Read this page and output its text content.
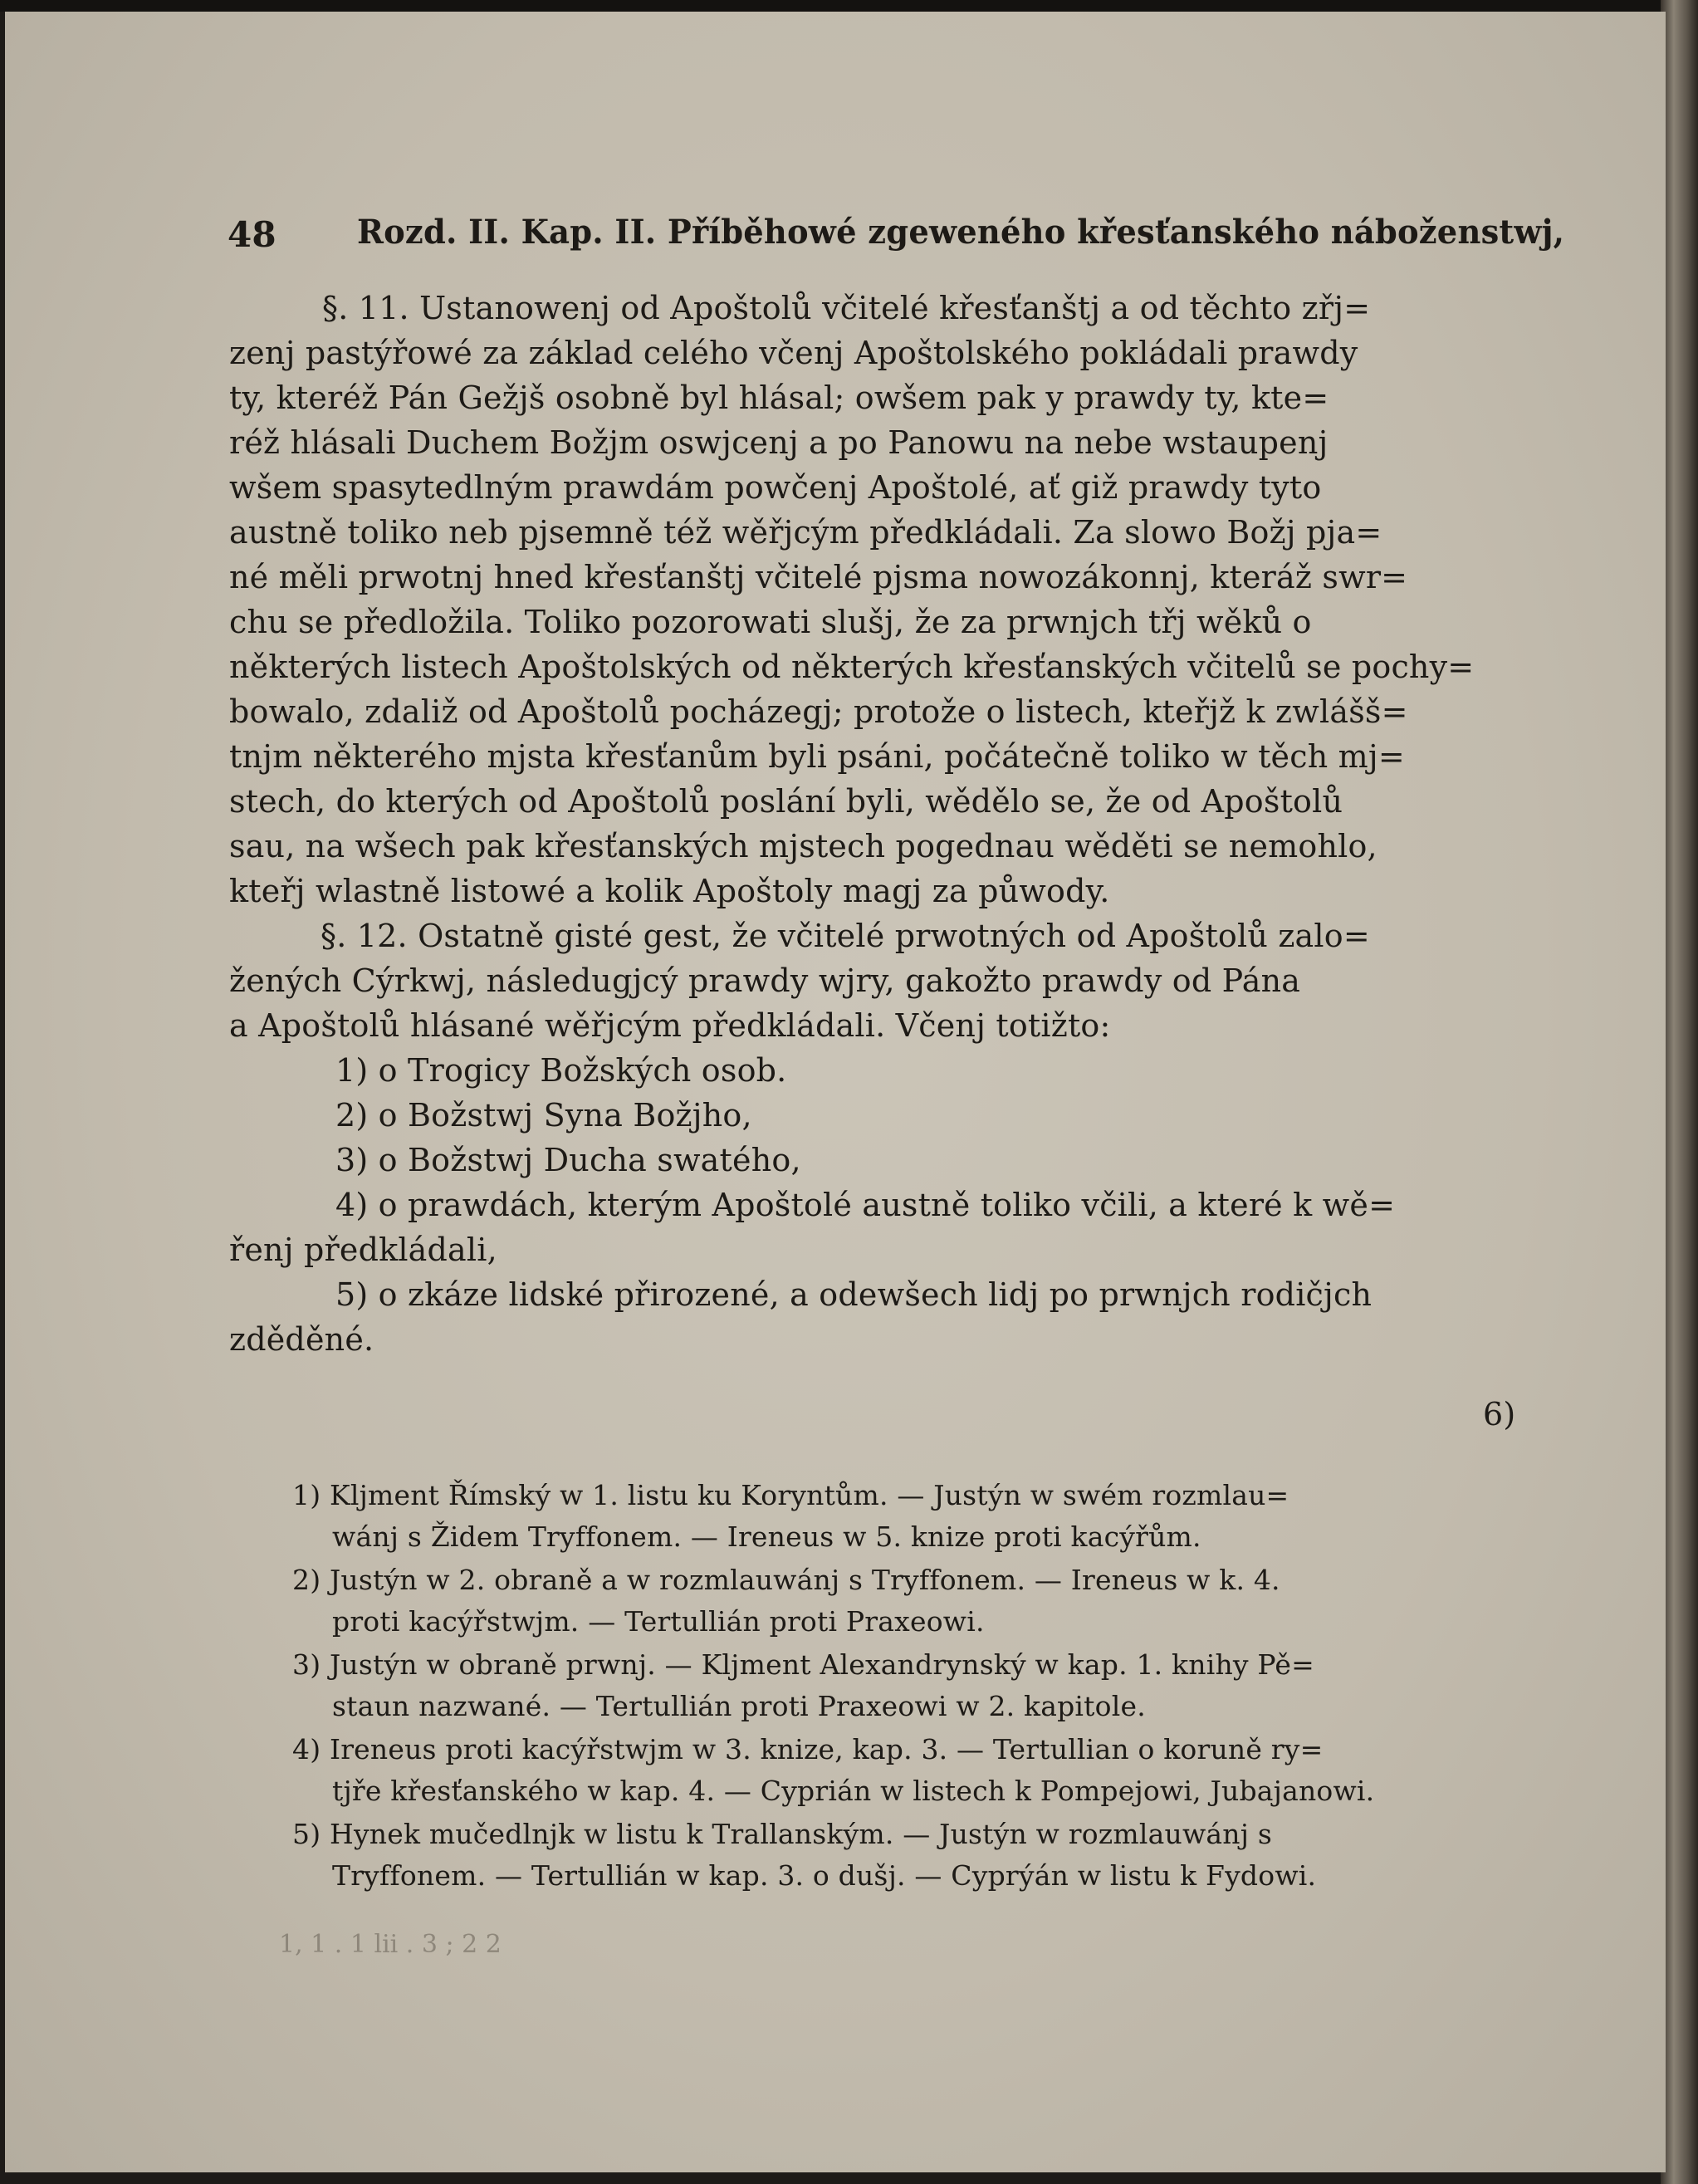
48 Rozd. II. Kap. II. Příběhowé zgeweného křesťanského náboženstwj,
§. 11. Ustanowenj od Apoštolů včitelé křesťanštj a od těchto zřj=
zenj pastýřowé za základ celého včenj Apoštolského pokládali prawdy
ty, kteréž Pán Gežjš osobně byl hlásal; owšem pak y prawdy ty, kte=
réž hlásali Duchem Božjm oswjcenj a po Panowu na nebe wstaupenj
wšem spasytedlným prawdám powčenj Apoštolé, ať giž prawdy tyto
austně toliko neb pjsemně též wěřjcým předkládali. Za slowo Božj pja=
né měli prwotnj hned křesťanštj včitelé pjsma nowozákonnj, kteráž swr=
chu se předložila. Toliko pozorowati slušj, že za prwnjch třj wěků o
některých listech Apoštolských od některých křesťanských včitelů se pochy=
bowalo, zdaliž od Apoštolů pocházegj; protože o listech, kteřjž k zwlášš=
tnjm některého mjsta křesťanům byli psáni, počátečně toliko w těch mj=
stech, do kterých od Apoštolů poslání byli, wědělo se, že od Apoštolů
sau, na wšech pak křesťanských mjstech pogednau wěděti se nemohlo,
kteřj wlastně listowé a kolik Apoštoly magj za půwody.
§. 12. Ostatně gisté gest, že včitelé prwotných od Apoštolů zalo=
žených Cýrkwj, následugjcý prawdy wjry, gakožto prawdy od Pána
a Apoštolů hlásané wěřjcým předkládali. Včenj totižto:
1) o Trogicy Božských osob.
2) o Božstwj Syna Božjho,
3) o Božstwj Ducha swatého,
4) o prawdách, kterým Apoštolé austně toliko včili, a které k wě=
řenj předkládali,
5) o zkáze lidské přirozené, a odewšech lidj po prwnjch rodičjch
zděděné.
6)
1) Kljment Římský w 1. listu ku Koryntům. — Justýn w swém rozmlau=
wánj s Židem Tryffonem. — Ireneus w 5. knize proti kacýřům.
2) Justýn w 2. obraně a w rozmlauwánj s Tryffonem. — Ireneus w k. 4.
proti kacýřstwjm. — Tertullián proti Praxeowi.
3) Justýn w obraně prwnj. — Kljment Alexandrynský w kap. 1. knihy Pě=
staun nazwané. — Tertullián proti Praxeowi w 2. kapitole.
4) Ireneus proti kacýřstwjm w 3. knize, kap. 3. — Tertullian o koruně ry=
tjře křesťanského w kap. 4. — Cyprián w listech k Pompejowi, Jubajanowi.
5) Hynek mučedlnjk w listu k Trallanským. — Justýn w rozmlauwánj s
Tryffonem. — Tertullián w kap. 3. o dušj. — Cyprýán w listu k Fydowi.
1, 1 . 1 lii . 3 ; 2 2
